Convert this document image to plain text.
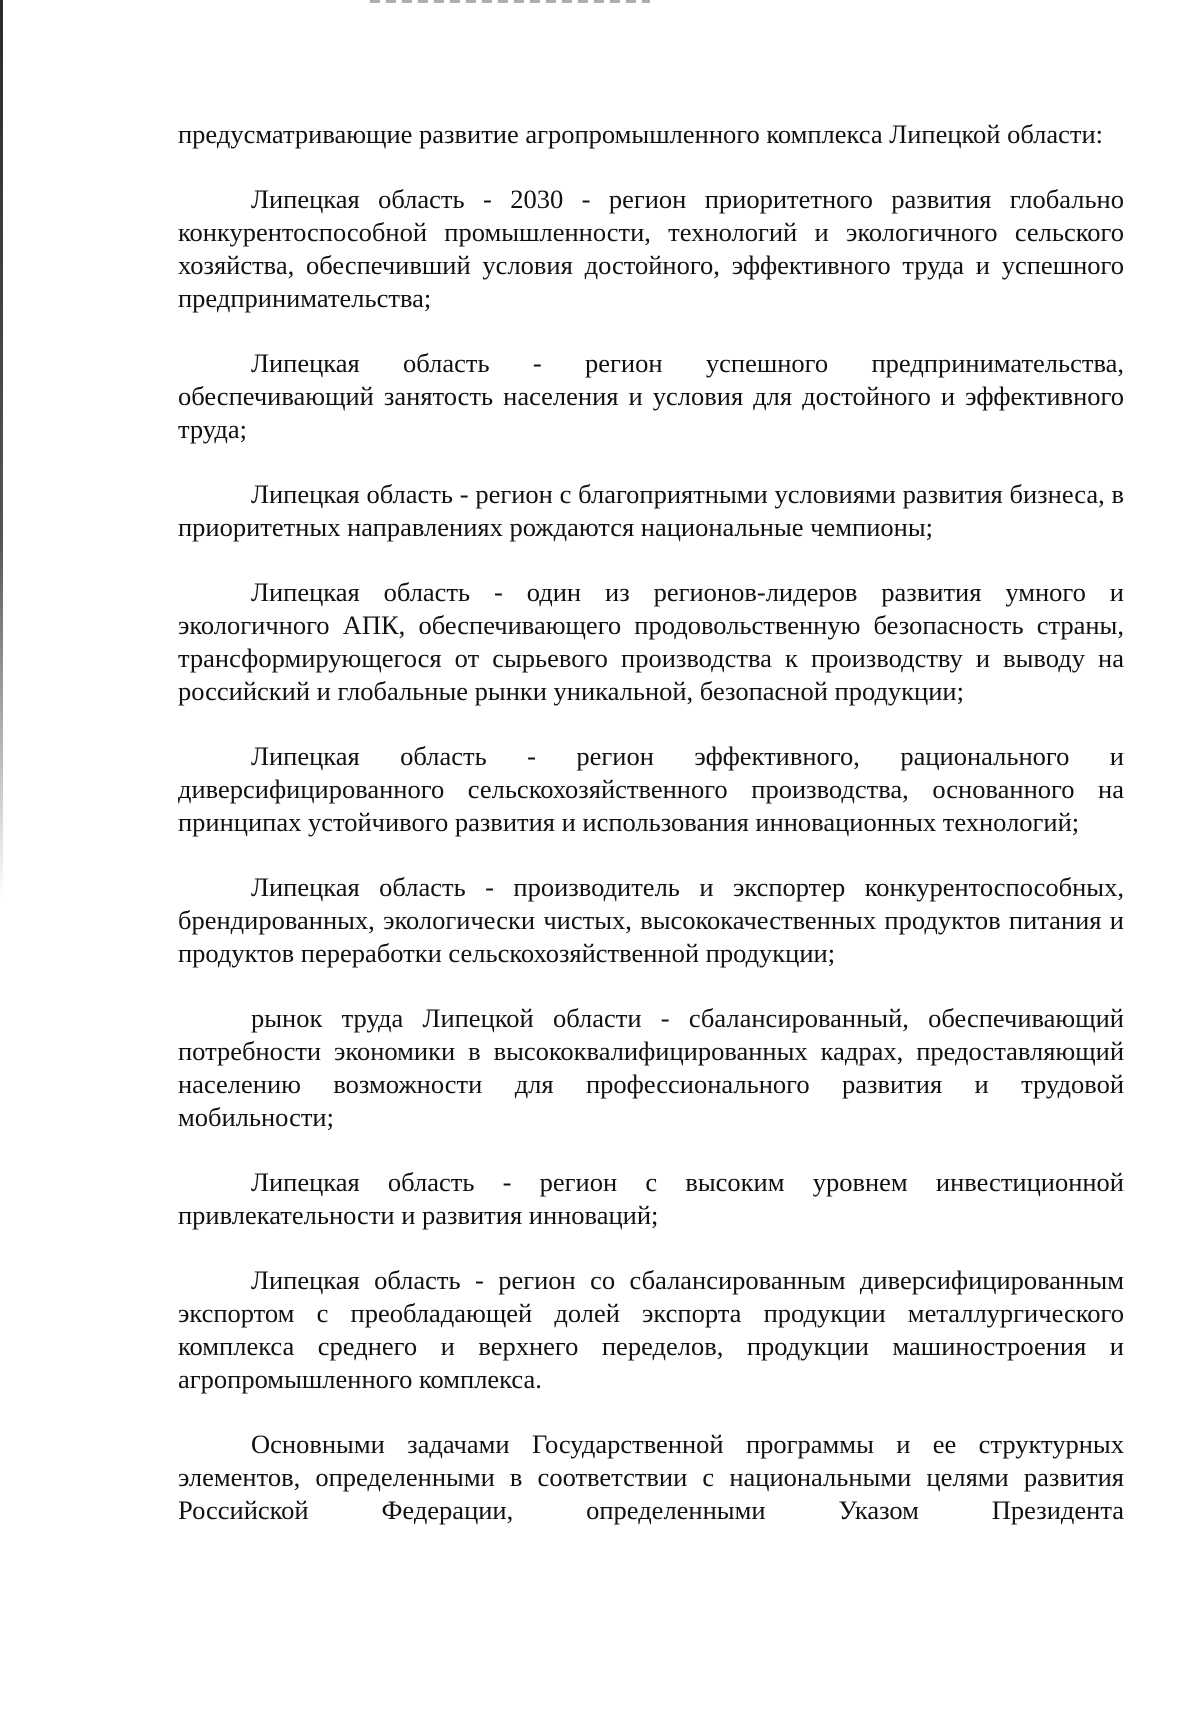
предусматривающие развитие агропромышленного комплекса Липецкой области:

Липецкая область - 2030 - регион приоритетного развития глобально конкурентоспособной промышленности, технологий и экологичного сельского хозяйства, обеспечивший условия достойного, эффективного труда и успешного предпринимательства;

Липецкая область - регион успешного предпринимательства, обеспечивающий занятость населения и условия для достойного и эффективного труда;

Липецкая область - регион с благоприятными условиями развития бизнеса, в приоритетных направлениях рождаются национальные чемпионы;

Липецкая область - один из регионов-лидеров развития умного и экологичного АПК, обеспечивающего продовольственную безопасность страны, трансформирующегося от сырьевого производства к производству и выводу на российский и глобальные рынки уникальной, безопасной продукции;

Липецкая область - регион эффективного, рационального и диверсифицированного сельскохозяйственного производства, основанного на принципах устойчивого развития и использования инновационных технологий;

Липецкая область - производитель и экспортер конкурентоспособных, брендированных, экологически чистых, высококачественных продуктов питания и продуктов переработки сельскохозяйственной продукции;

рынок труда Липецкой области - сбалансированный, обеспечивающий потребности экономики в высококвалифицированных кадрах, предоставляющий населению возможности для профессионального развития и трудовой мобильности;

Липецкая область - регион с высоким уровнем инвестиционной привлекательности и развития инноваций;

Липецкая область - регион со сбалансированным диверсифицированным экспортом с преобладающей долей экспорта продукции металлургического комплекса среднего и верхнего переделов, продукции машиностроения и агропромышленного комплекса.

Основными задачами Государственной программы и ее структурных элементов, определенными в соответствии с национальными целями развития Российской Федерации, определенными Указом Президента
